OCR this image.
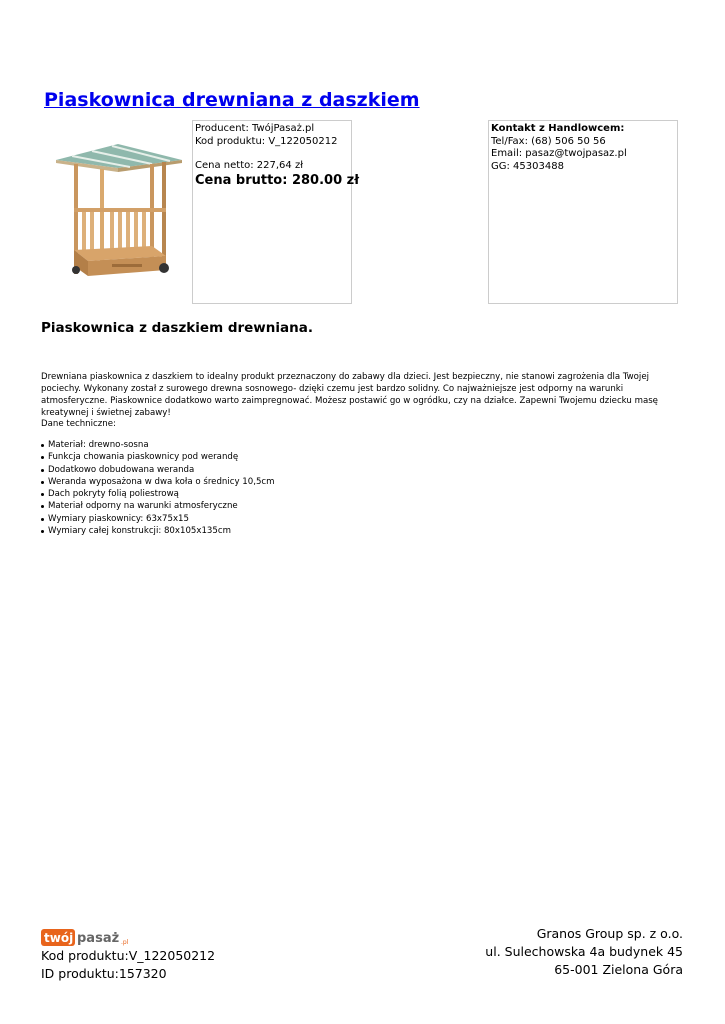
Piaskownica drewniana z daszkiem
Producent: TwójPasaż.pl
Kod produktu: V_122050212
Cena netto: 227,64 zł
Cena brutto: 280.00 zł
Kontakt z Handlowcem:
Tel/Fax: (68) 506 50 56
Email: pasaz@twojpasaz.pl
GG: 45303488
Piaskownica z daszkiem drewniana.

Drewniana piaskownica z daszkiem to idealny produkt przeznaczony do zabawy dla dzieci. Jest bezpieczny, nie stanowi zagrożenia dla Twojej pociechy. Wykonany został z surowego drewna sosnowego- dzięki czemu jest bardzo solidny. Co najważniejsze jest odporny na warunki atmosferyczne. Piaskownice dodatkowo warto zaimpregnować. Możesz postawić go w ogródku, czy na działce. Zapewni Twojemu dziecku masę kreatywnej i świetnej zabawy!

Dane techniczne:
Materiał: drewno-sosna
Funkcja chowania piaskownicy pod werandę
Dodatkowo dobudowana weranda
Weranda wyposażona w dwa koła o średnicy 10,5cm
Dach pokryty folią poliestrową
Materiał odporny na warunki atmosferyczne
Wymiary piaskownicy: 63x75x15
Wymiary całej konstrukcji: 80x105x135cm
twój pasaż .pl
Kod produktu:V_122050212
ID produktu:157320
Granos Group sp. z o.o.
ul. Sulechowska 4a budynek 45
65-001 Zielona Góra
